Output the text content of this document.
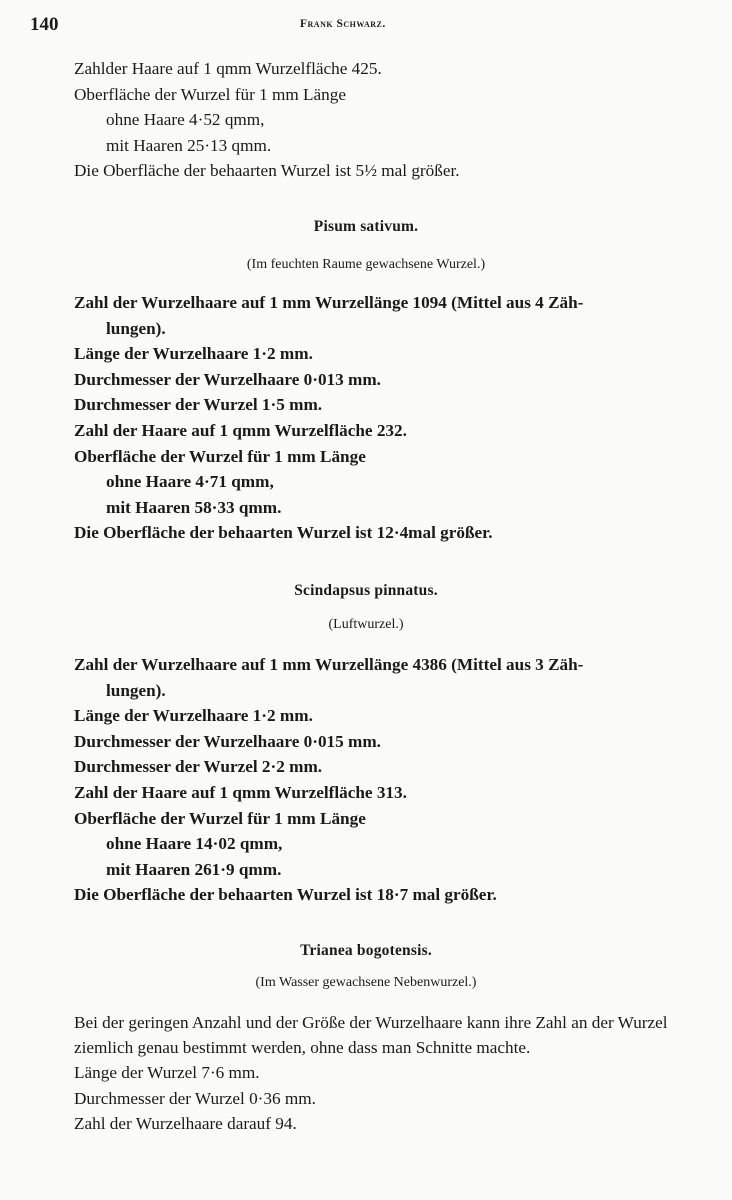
140	Frank Schwarz.
Zahlder Haare auf 1 qmm Wurzelfläche 425.
Oberfläche der Wurzel für 1 mm Länge
ohne Haare 4·52 qmm,
mit Haaren 25·13 qmm.
Die Oberfläche der behaarten Wurzel ist 5½ mal größer.
Pisum sativum.
(Im feuchten Raume gewachsene Wurzel.)
Zahl der Wurzelhaare auf 1 mm Wurzellänge 1094 (Mittel aus 4 Zäh-
lungen).
Länge der Wurzelhaare 1·2 mm.
Durchmesser der Wurzelhaare 0·013 mm.
Durchmesser der Wurzel 1·5 mm.
Zahl der Haare auf 1 qmm Wurzelfläche 232.
Oberfläche der Wurzel für 1 mm Länge
ohne Haare 4·71 qmm,
mit Haaren 58·33 qmm.
Die Oberfläche der behaarten Wurzel ist 12·4mal größer.
Scindapsus pinnatus.
(Luftwurzel.)
Zahl der Wurzelhaare auf 1 mm Wurzellänge 4386 (Mittel aus 3 Zäh-
lungen).
Länge der Wurzelhaare 1·2 mm.
Durchmesser der Wurzelhaare 0·015 mm.
Durchmesser der Wurzel 2·2 mm.
Zahl der Haare auf 1 qmm Wurzelfläche 313.
Oberfläche der Wurzel für 1 mm Länge
ohne Haare 14·02 qmm,
mit Haaren 261·9 qmm.
Die Oberfläche der behaarten Wurzel ist 18·7 mal größer.
Trianea bogotensis.
(Im Wasser gewachsene Nebenwurzel.)

Bei der geringen Anzahl und der Größe der Wurzelhaare kann ihre Zahl an der Wurzel ziemlich genau bestimmt werden, ohne dass man Schnitte machte.

Länge der Wurzel 7·6 mm.
Durchmesser der Wurzel 0·36 mm.
Zahl der Wurzelhaare darauf 94.
